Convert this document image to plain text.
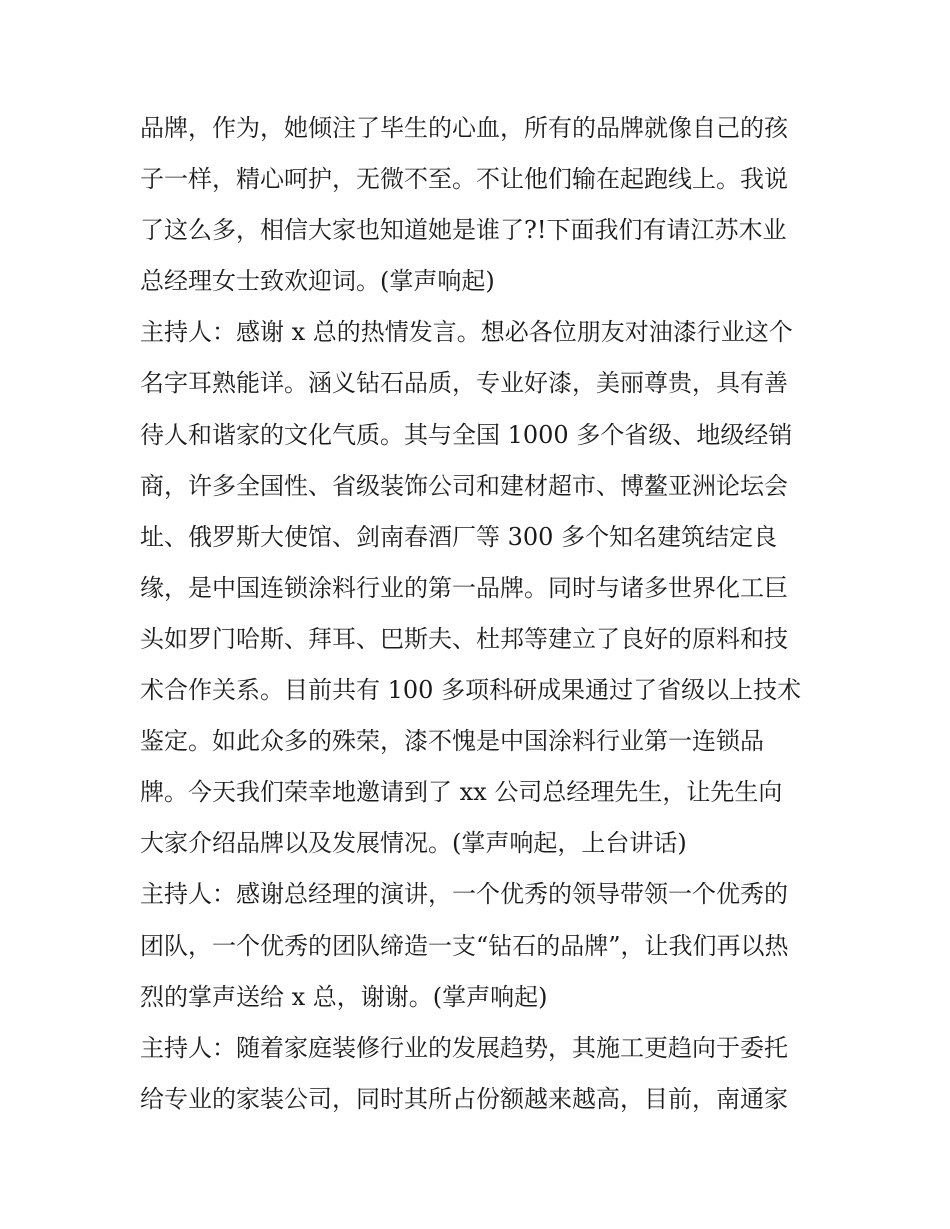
品牌，作为，她倾注了毕生的心血，所有的品牌就像自己的孩
子一样，精心呵护，无微不至。不让他们输在起跑线上。我说
了这么多，相信大家也知道她是谁了?!下面我们有请江苏木业
总经理女士致欢迎词。(掌声响起)
主持人：感谢 x 总的热情发言。想必各位朋友对油漆行业这个
名字耳熟能详。涵义钻石品质，专业好漆，美丽尊贵，具有善
待人和谐家的文化气质。其与全国 1000 多个省级、地级经销
商，许多全国性、省级装饰公司和建材超市、博鳌亚洲论坛会
址、俄罗斯大使馆、剑南春酒厂等 300 多个知名建筑结定良
缘，是中国连锁涂料行业的第一品牌。同时与诸多世界化工巨
头如罗门哈斯、拜耳、巴斯夫、杜邦等建立了良好的原料和技
术合作关系。目前共有 100 多项科研成果通过了省级以上技术
鉴定。如此众多的殊荣，漆不愧是中国涂料行业第一连锁品
牌。今天我们荣幸地邀请到了 xx 公司总经理先生，让先生向
大家介绍品牌以及发展情况。(掌声响起，上台讲话)
主持人：感谢总经理的演讲，一个优秀的领导带领一个优秀的
团队，一个优秀的团队缔造一支“钻石的品牌”，让我们再以热
烈的掌声送给 x 总，谢谢。(掌声响起)
主持人：随着家庭装修行业的发展趋势，其施工更趋向于委托
给专业的家装公司，同时其所占份额越来越高，目前，南通家
